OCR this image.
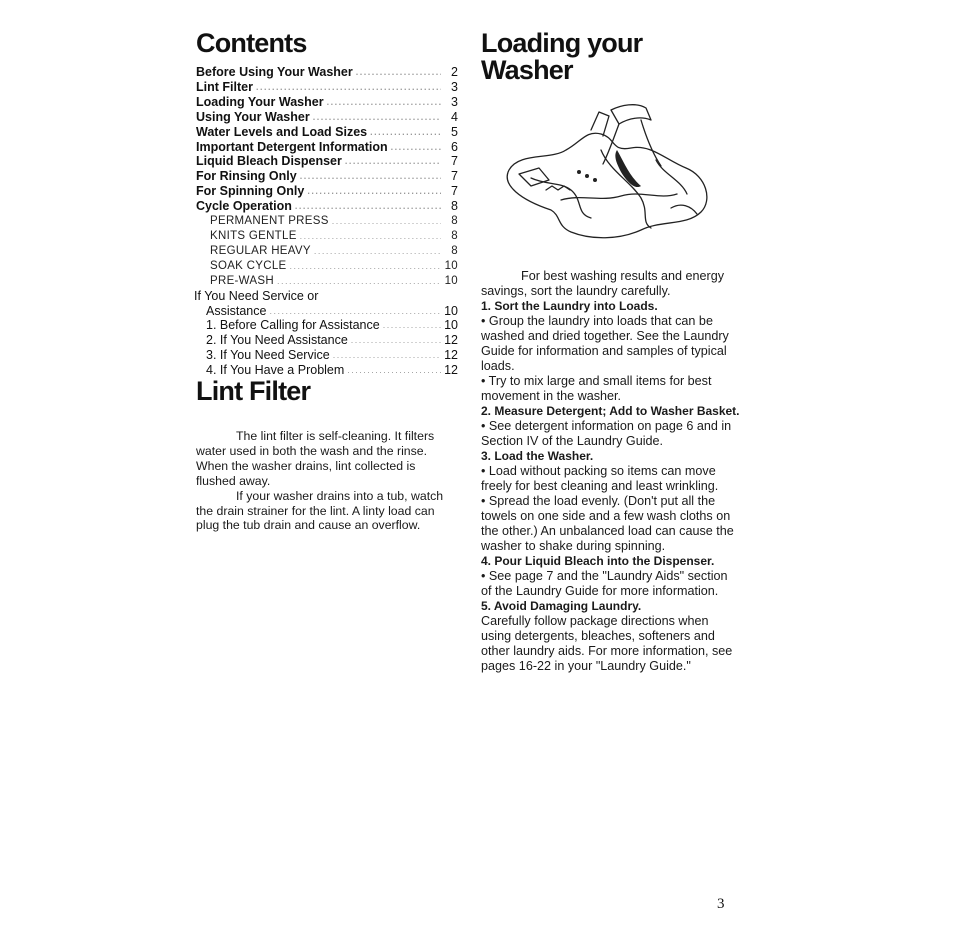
Contents
Before Using Your Washer .....	2
Lint Filter .....	3
Loading Your Washer .....	3
Using Your Washer .....	4
Water Levels and Load Sizes .....	5
Important Detergent Information .....	6
Liquid Bleach Dispenser .....	7
For Rinsing Only .....	7
For Spinning Only .....	7
Cycle Operation .....	8
PERMANENT PRESS .....	8
KNITS GENTLE .....	8
REGULAR HEAVY .....	8
SOAK CYCLE .....	10
PRE-WASH .....	10
If You Need Service or
Assistance .....	10
1. Before Calling for Assistance .....	10
2. If You Need Assistance .....	12
3. If You Need Service .....	12
4. If You Have a Problem .....	12
Lint Filter

The lint filter is self-cleaning. It filters water used in both the wash and the rinse. When the washer drains, lint collected is flushed away.

If your washer drains into a tub, watch the drain strainer for the lint. A linty load can plug the tub drain and cause an overflow.

Loading your
Washer

For best washing results and energy savings, sort the laundry carefully.

1. Sort the Laundry into Loads.

• Group the laundry into loads that can be washed and dried together. See the Laundry Guide for information and samples of typical loads.

• Try to mix large and small items for best movement in the washer.

2. Measure Detergent; Add to Washer Basket.

• See detergent information on page 6 and in Section IV of the Laundry Guide.

3. Load the Washer.

• Load without packing so items can move freely for best cleaning and least wrinkling.

• Spread the load evenly. (Don't put all the towels on one side and a few wash cloths on the other.) An unbalanced load can cause the washer to shake during spinning.

4. Pour Liquid Bleach into the Dispenser.

• See page 7 and the "Laundry Aids" section of the Laundry Guide for more information.

5. Avoid Damaging Laundry.

Carefully follow package directions when using detergents, bleaches, softeners and other laundry aids. For more information, see pages 16-22 in your "Laundry Guide."

3
